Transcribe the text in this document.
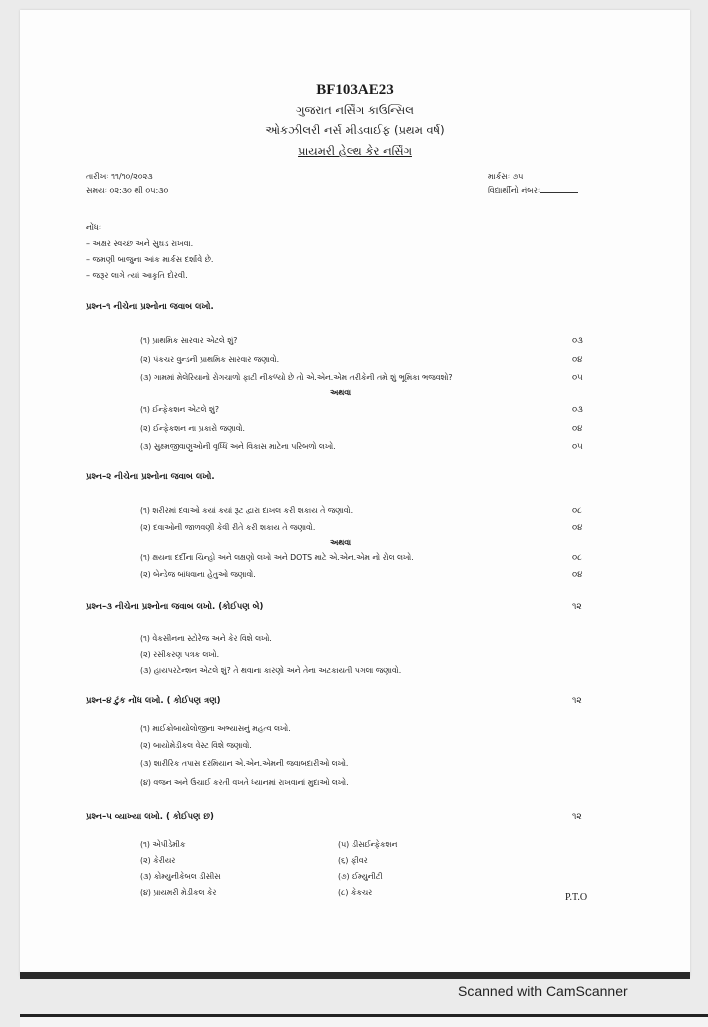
BF103AE23
ગુજરાત નર્સિંગ કાઉન્સિલ
ઓકઝીલરી નર્સ મીડવાઈફ (પ્રથમ વર્ષ)
પ્રાયમરી હેલ્થ કેર નર્સિંગ
તારીખઃ ૧૧/૧૦/૨૦૨૩
સમયઃ ૦૨:૩૦ થી ૦૫:૩૦
માર્કસઃ ૭૫
વિદ્યાર્થીનો નંબરઃ
નોંધઃ
– અક્ષર સ્વચ્છ અને સુઘડ રાખવા.
– જમણી બાજુના આંક માર્કસ દર્શાવે છે.
– જરૂર લાગે ત્યાં આકૃતિ દોરવી.
પ્રશ્ન–૧ નીચેના પ્રશ્નોના જવાબ લખો.
(૧) પ્રાથમિક સારવાર એટલે શું?	૦૩
(૨) પંકચર વુન્ડની પ્રાથમિક સારવાર જણાવો.	૦૪
(૩) ગામમાં મેલેરિયાનો રોગચાળો ફાટી નીકળ્યો છે તો એ.એન.એમ તરીકેની તમે શું ભૂમિકા ભજવશો?	૦૫
અથવા
(૧) ઈન્ફેકશન એટલે શું?	૦૩
(૨) ઈન્ફેકશન ના પ્રકારો જણાવો.	૦૪
(૩) સુક્ષ્મજીવાણુઓની વૃધ્ધિ અને વિકાસ માટેના પરિબળો લખો.	૦૫
પ્રશ્ન–૨ નીચેના પ્રશ્નોના જવાબ લખો.
(૧) શરીરમાં દવાઓ કયાં કયાં રૂટ દ્વારા દાખલ કરી શકાય તે જણાવો.	૦૮
(૨) દવાઓની જાળવણી કેવી રીતે કરી શકાય તે જણાવો.	૦૪
અથવા
(૧) ક્ષયના દર્દીના ચિન્હો અને લક્ષણો લખો અને DOTS માટે એ.એન.એમ નો રોલ લખો.	૦૮
(૨) બેન્ડેજ બાંધવાના હેતુઓ જણાવો.	૦૪
પ્રશ્ન–૩ નીચેના પ્રશ્નોના જવાબ લખો. (કોઈપણ બે)	૧૨
(૧) વેકસીનના સ્ટોરેજ અને કેર વિશે લખો.
(૨) રસીકરણ પત્રક લખો.
(૩) હાયપરટેન્શન એટલે શું? તે થવાના કારણો અને તેના અટકાયતી પગલા જણાવો.
પ્રશ્ન–૪ ટુંક નોંધ લખો. ( કોઈપણ ત્રણ)	૧૨
(૧) માઈક્રોબાયોલોજીના અભ્યાસનું મહત્વ લખો.
(૨) બાયોમેડીકલ વેસ્ટ વિશે જણાવો.
(૩) શારીરિક તપાસ દરમિયાન એ.એન.એમની જવાબદારીઓ લખો.
(૪) વજન અને ઉંચાઈ કરતી વખતે ધ્યાનમાં રાખવાનાં મુદાઓ લખો.
પ્રશ્ન–૫ વ્યાખ્યા લખો. ( કોઈપણ છ)	૧૨
(૧) એપીડેમીક
(૨) કેરીયર
(૩) કોમ્યુનીકેબલ ડીસીસ
(૪) પ્રાયમરી મેડીકલ કેર
(૫) ડીસઈન્ફેકશન
(૬) ફીવર
(૭) ઈમ્યુનીટી
(૮) કેકચર	P.T.O
Scanned with CamScanner
